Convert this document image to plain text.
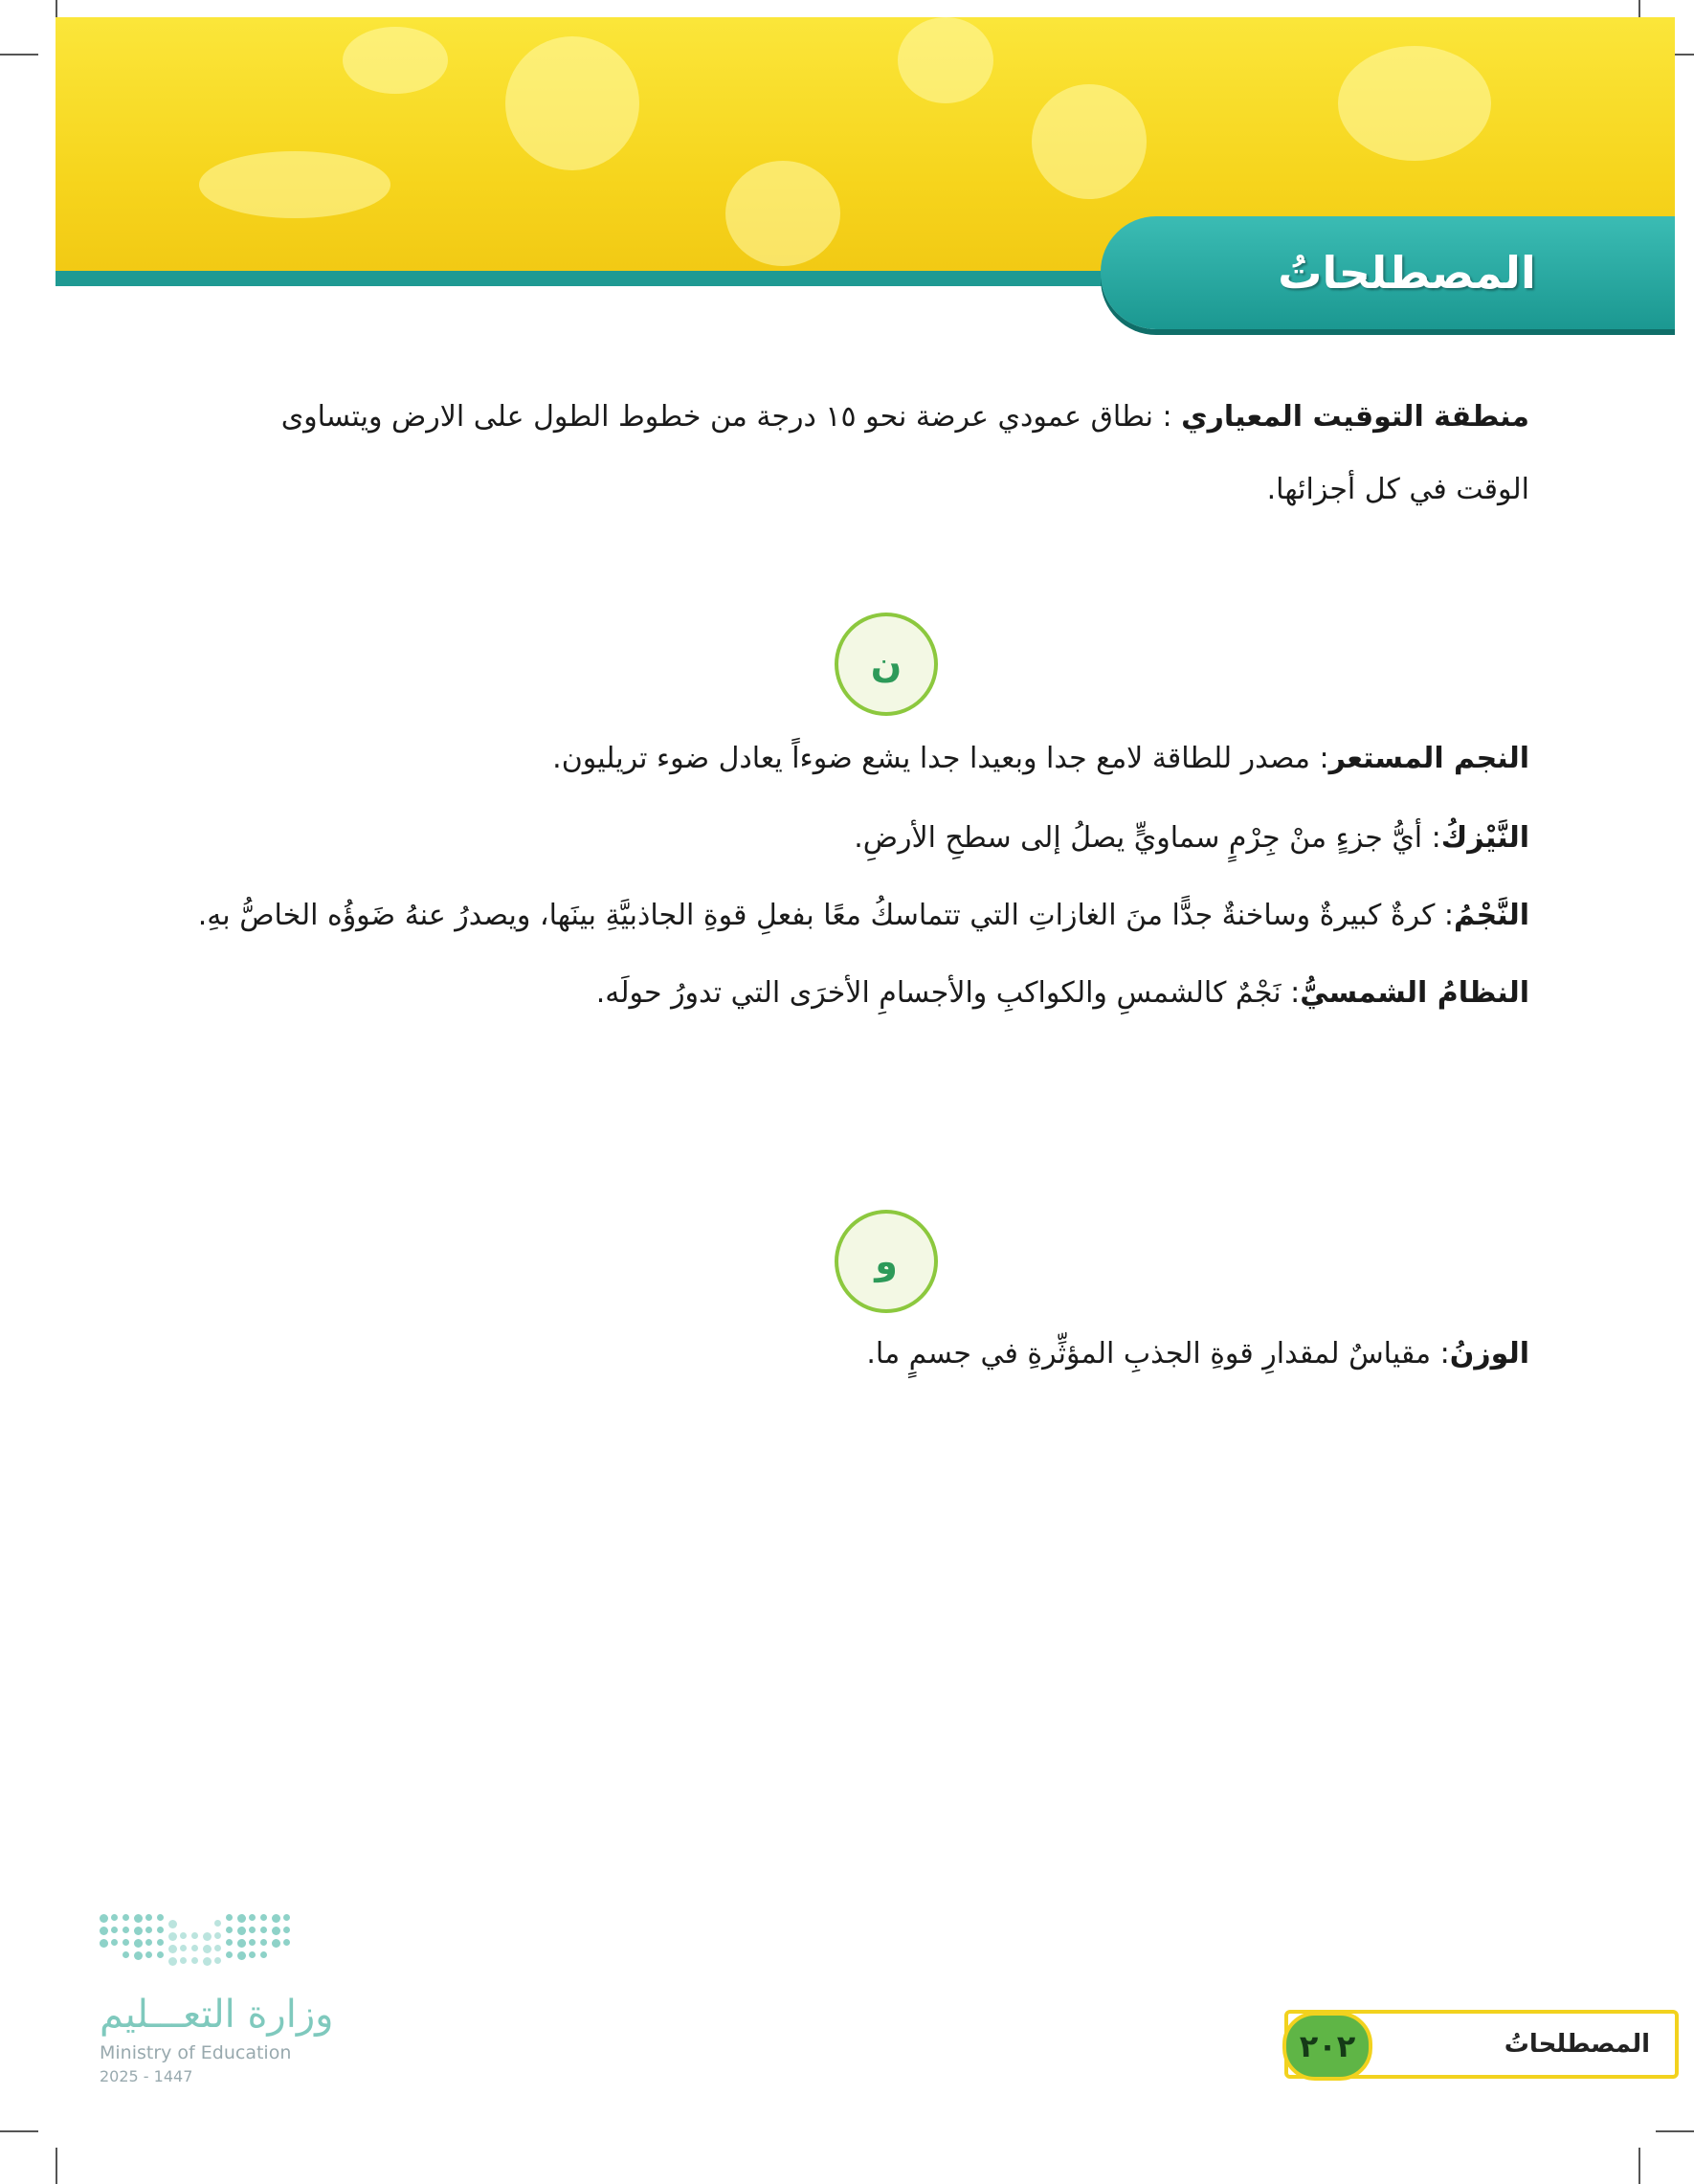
المصطلحاتُ
منطقة التوقيت المعياري : نطاق عمودي عرضة نحو ١٥ درجة من خطوط الطول على الارض ويتساوى الوقت في كل أجزائها.
ن
النجم المستعر: مصدر للطاقة لامع جدا وبعيدا جدا يشع ضوءاً يعادل ضوء تريليون.
النَّيْزكُ: أيُّ جزءٍ منْ جِرْمٍ سماويٍّ يصلُ إلى سطحِ الأرضِ.
النَّجْمُ: كرةٌ كبيرةٌ وساخنةٌ جدًّا منَ الغازاتِ التي تتماسكُ معًا بفعلِ قوةِ الجاذبيَّةِ بينَها، ويصدرُ عنهُ ضَوؤُه الخاصُّ بهِ.
النظامُ الشمسيُّ: نَجْمٌ كالشمسِ والكواكبِ والأجسامِ الأخرَى التي تدورُ حولَه.
و
الوزنُ: مقياسٌ لمقدارِ قوةِ الجذبِ المؤثِّرةِ في جسمٍ ما.
وزارة التعـــليم
Ministry of Education
2025 - 1447
٢٠٢	المصطلحاتُ
